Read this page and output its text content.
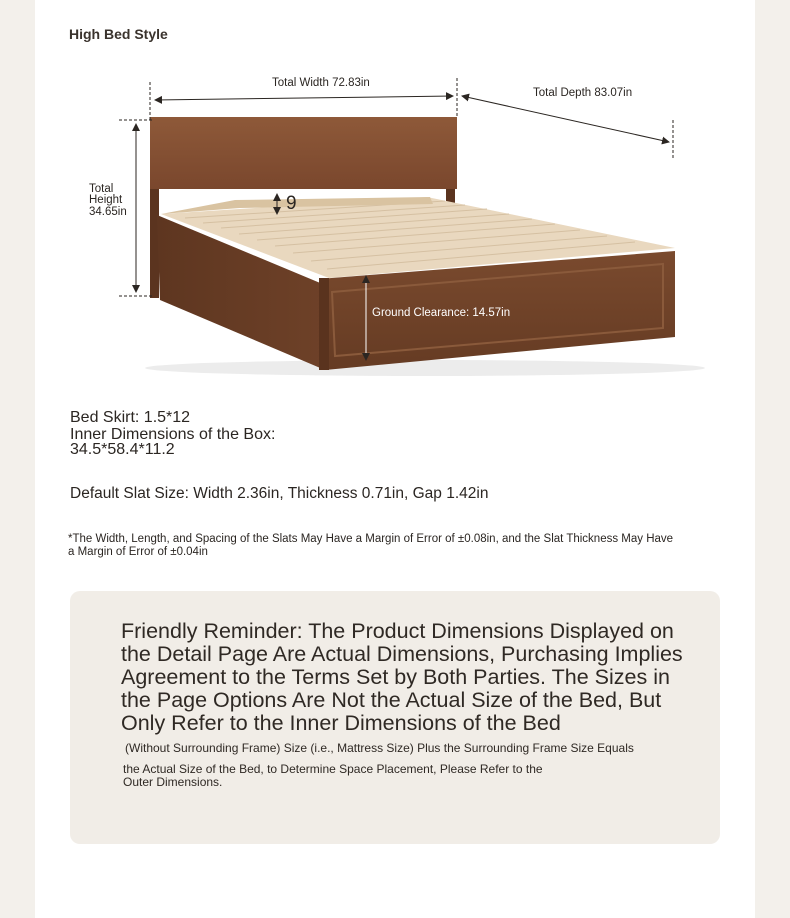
High Bed Style
Total Width 72.83in
Total Depth 83.07in
Total
Height
34.65in	9
Ground Clearance: 14.57in
Bed Skirt: 1.5*12
Inner Dimensions of the Box:
34.5*58.4*11.2
Default Slat Size: Width 2.36in, Thickness 0.71in, Gap 1.42in
*The Width, Length, and Spacing of the Slats May Have a Margin of Error of ±0.08in, and the Slat Thickness May Have a Margin of Error of ±0.04in
Friendly Reminder: The Product Dimensions Displayed on the Detail Page Are Actual Dimensions, Purchasing Implies Agreement to the Terms Set by Both Parties. The Sizes in the Page Options Are Not the Actual Size of the Bed, But Only Refer to the Inner Dimensions of the Bed
(Without Surrounding Frame) Size (i.e., Mattress Size) Plus the Surrounding Frame Size Equals
the Actual Size of the Bed, to Determine Space Placement, Please Refer to the Outer Dimensions.
